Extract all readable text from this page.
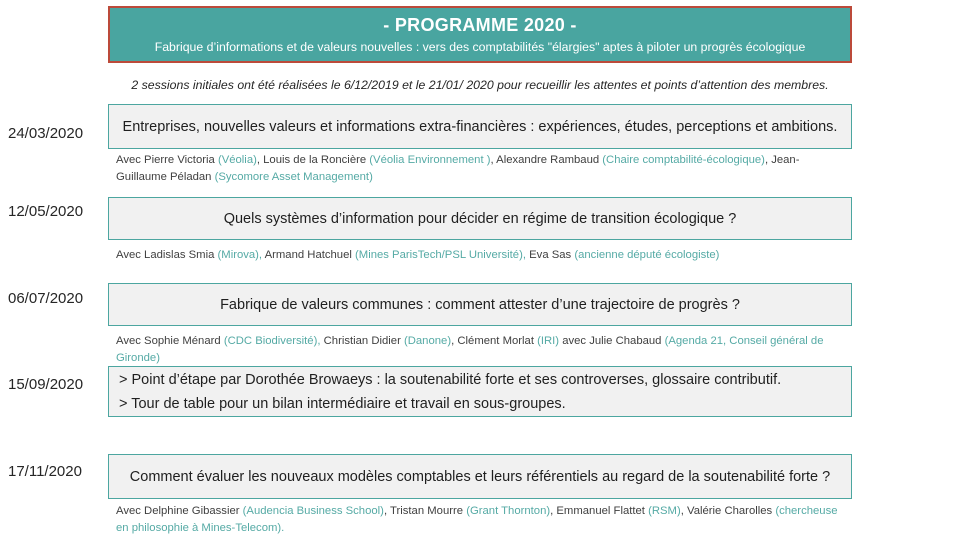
- PROGRAMME 2020 -
Fabrique d’informations et de valeurs nouvelles : vers des comptabilités "élargies" aptes à piloter un progrès écologique
2 sessions initiales ont été réalisées le 6/12/2019 et le 21/01/ 2020 pour recueillir les attentes et points d’attention des membres.
24/03/2020	Entreprises, nouvelles valeurs et informations extra-financières : expériences, études, perceptions et ambitions.
Avec Pierre Victoria (Véolia), Louis de la Roncière (Véolia Environnement ), Alexandre Rambaud (Chaire comptabilité-écologique), Jean-Guillaume Péladan (Sycomore Asset Management)
12/05/2020	Quels systèmes d’information pour décider en régime de transition écologique ?
Avec Ladislas Smia (Mirova), Armand Hatchuel (Mines ParisTech/PSL Université), Eva Sas (ancienne député écologiste)
06/07/2020	Fabrique de valeurs communes : comment attester d’une trajectoire de progrès ?
Avec Sophie Ménard (CDC Biodiversité), Christian Didier (Danone), Clément Morlat (IRI) avec Julie Chabaud (Agenda 21, Conseil général de Gironde)
15/09/2020	> Point d’étape par Dorothée Browaeys : la soutenabilité forte et ses controverses, glossaire contributif.
> Tour de table pour un bilan intermédiaire et travail en sous-groupes.
17/11/2020	Comment évaluer les nouveaux modèles comptables et leurs référentiels au regard de la soutenabilité forte ?
Avec Delphine Gibassier (Audencia Business School), Tristan Mourre (Grant Thornton), Emmanuel Flattet (RSM), Valérie Charolles (chercheuse en philosophie à Mines-Telecom).
